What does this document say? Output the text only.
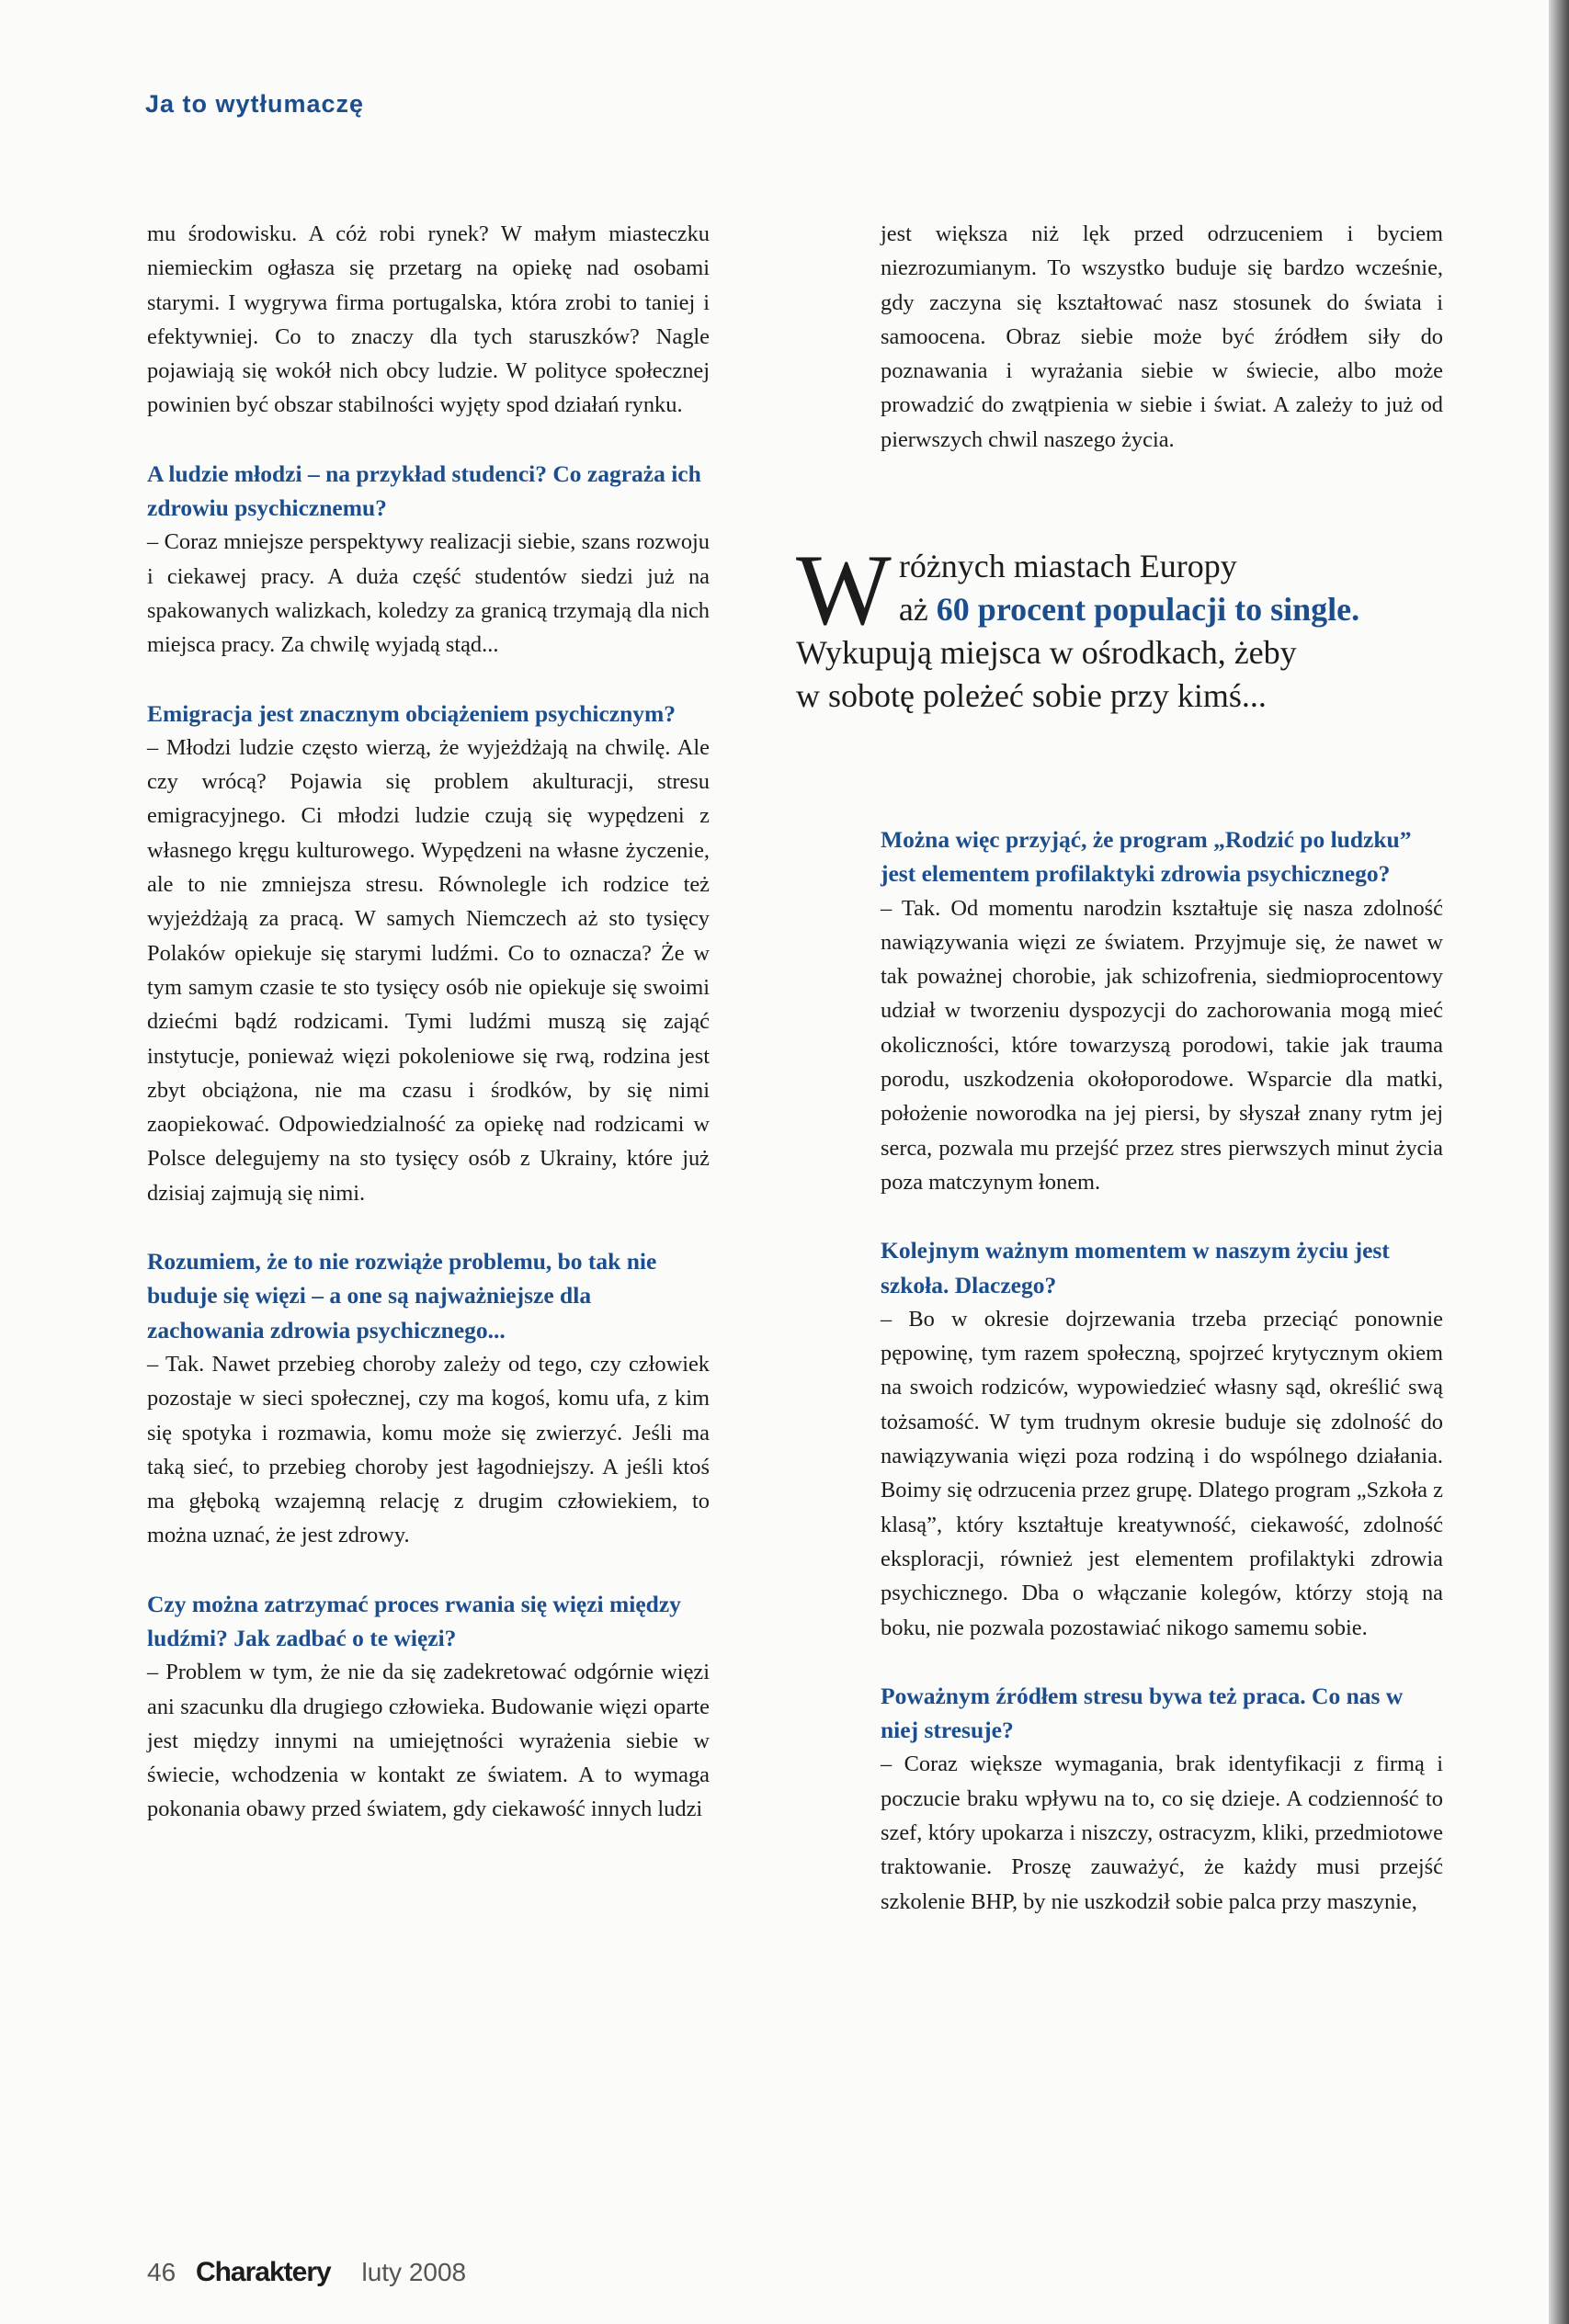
Ja to wytłumaczę

mu środowisku. A cóż robi rynek? W małym miasteczku niemieckim ogłasza się przetarg na opiekę nad osobami starymi. I wygrywa firma portugalska, która zrobi to taniej i efektywniej. Co to znaczy dla tych staruszków? Nagle pojawiają się wokół nich obcy ludzie. W polityce społecznej powinien być obszar stabilności wyjęty spod działań rynku.

A ludzie młodzi – na przykład studenci? Co zagraża ich zdrowiu psychicznemu?

– Coraz mniejsze perspektywy realizacji siebie, szans rozwoju i ciekawej pracy. A duża część studentów siedzi już na spakowanych walizkach, koledzy za granicą trzymają dla nich miejsca pracy. Za chwilę wyjadą stąd...

Emigracja jest znacznym obciążeniem psychicznym?

– Młodzi ludzie często wierzą, że wyjeżdżają na chwilę. Ale czy wrócą? Pojawia się problem akulturacji, stresu emigracyjnego. Ci młodzi ludzie czują się wypędzeni z własnego kręgu kulturowego. Wypędzeni na własne życzenie, ale to nie zmniejsza stresu. Równolegle ich rodzice też wyjeżdżają za pracą. W samych Niemczech aż sto tysięcy Polaków opiekuje się starymi ludźmi. Co to oznacza? Że w tym samym czasie te sto tysięcy osób nie opiekuje się swoimi dziećmi bądź rodzicami. Tymi ludźmi muszą się zająć instytucje, ponieważ więzi pokoleniowe się rwą, rodzina jest zbyt obciążona, nie ma czasu i środków, by się nimi zaopiekować. Odpowiedzialność za opiekę nad rodzicami w Polsce delegujemy na sto tysięcy osób z Ukrainy, które już dzisiaj zajmują się nimi.

Rozumiem, że to nie rozwiąże problemu, bo tak nie buduje się więzi – a one są najważniejsze dla zachowania zdrowia psychicznego...

– Tak. Nawet przebieg choroby zależy od tego, czy człowiek pozostaje w sieci społecznej, czy ma kogoś, komu ufa, z kim się spotyka i rozmawia, komu może się zwierzyć. Jeśli ma taką sieć, to przebieg choroby jest łagodniejszy. A jeśli ktoś ma głęboką wzajemną relację z drugim człowiekiem, to można uznać, że jest zdrowy.

Czy można zatrzymać proces rwania się więzi między ludźmi? Jak zadbać o te więzi?

– Problem w tym, że nie da się zadekretować odgórnie więzi ani szacunku dla drugiego człowieka. Budowanie więzi oparte jest między innymi na umiejętności wyrażenia siebie w świecie, wchodzenia w kontakt ze światem. A to wymaga pokonania obawy przed światem, gdy ciekawość innych ludzi

jest większa niż lęk przed odrzuceniem i byciem niezrozumianym. To wszystko buduje się bardzo wcześnie, gdy zaczyna się kształtować nasz stosunek do świata i samoocena. Obraz siebie może być źródłem siły do poznawania i wyrażania siebie w świecie, albo może prowadzić do zwątpienia w siebie i świat. A zależy to już od pierwszych chwil naszego życia.

W różnych miastach Europy
aż 60 procent populacji to single.
Wykupują miejsca w ośrodkach, żeby
w sobotę poleżeć sobie przy kimś...

Można więc przyjąć, że program „Rodzić po ludzku” jest elementem profilaktyki zdrowia psychicznego?

– Tak. Od momentu narodzin kształtuje się nasza zdolność nawiązywania więzi ze światem. Przyjmuje się, że nawet w tak poważnej chorobie, jak schizofrenia, siedmioprocentowy udział w tworzeniu dyspozycji do zachorowania mogą mieć okoliczności, które towarzyszą porodowi, takie jak trauma porodu, uszkodzenia okołoporodowe. Wsparcie dla matki, położenie noworodka na jej piersi, by słyszał znany rytm jej serca, pozwala mu przejść przez stres pierwszych minut życia poza matczynym łonem.

Kolejnym ważnym momentem w naszym życiu jest szkoła. Dlaczego?

– Bo w okresie dojrzewania trzeba przeciąć ponownie pępowinę, tym razem społeczną, spojrzeć krytycznym okiem na swoich rodziców, wypowiedzieć własny sąd, określić swą tożsamość. W tym trudnym okresie buduje się zdolność do nawiązywania więzi poza rodziną i do wspólnego działania. Boimy się odrzucenia przez grupę. Dlatego program „Szkoła z klasą”, który kształtuje kreatywność, ciekawość, zdolność eksploracji, również jest elementem profilaktyki zdrowia psychicznego. Dba o włączanie kolegów, którzy stoją na boku, nie pozwala pozostawiać nikogo samemu sobie.

Poważnym źródłem stresu bywa też praca. Co nas w niej stresuje?

– Coraz większe wymagania, brak identyfikacji z firmą i poczucie braku wpływu na to, co się dzieje. A codzienność to szef, który upokarza i niszczy, ostracyzm, kliki, przedmiotowe traktowanie. Proszę zauważyć, że każdy musi przejść szkolenie BHP, by nie uszkodził sobie palca przy maszynie,

46 Charaktery luty 2008
